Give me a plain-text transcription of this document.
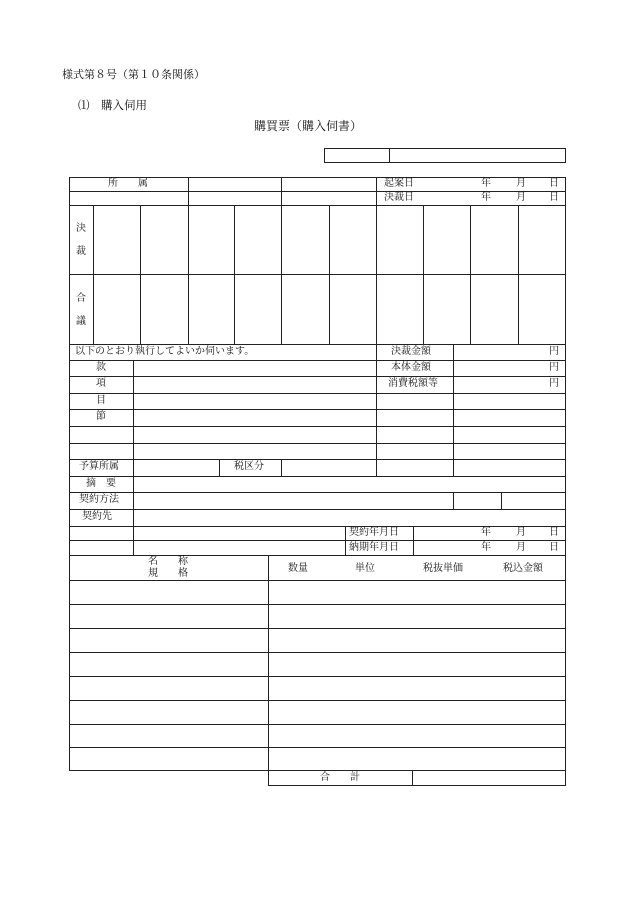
様式第８号（第１０条関係）
⑴　購入伺用
購買票（購入伺書）
所　　属	起案日	年	月 日
決裁日	年	月 日
決
裁
合
議
以下のとおり執行してよいか伺います。	決裁金額	円
款	本体金額	円
項	消費税額等	円
目
節
予算所属	税区分
摘　要
契約方法
契約先
契約年月日	年	月 日
納期年月日	年	月 日
名　　称
規　　格	数量	単位	税抜単価	税込金額
合　　計
